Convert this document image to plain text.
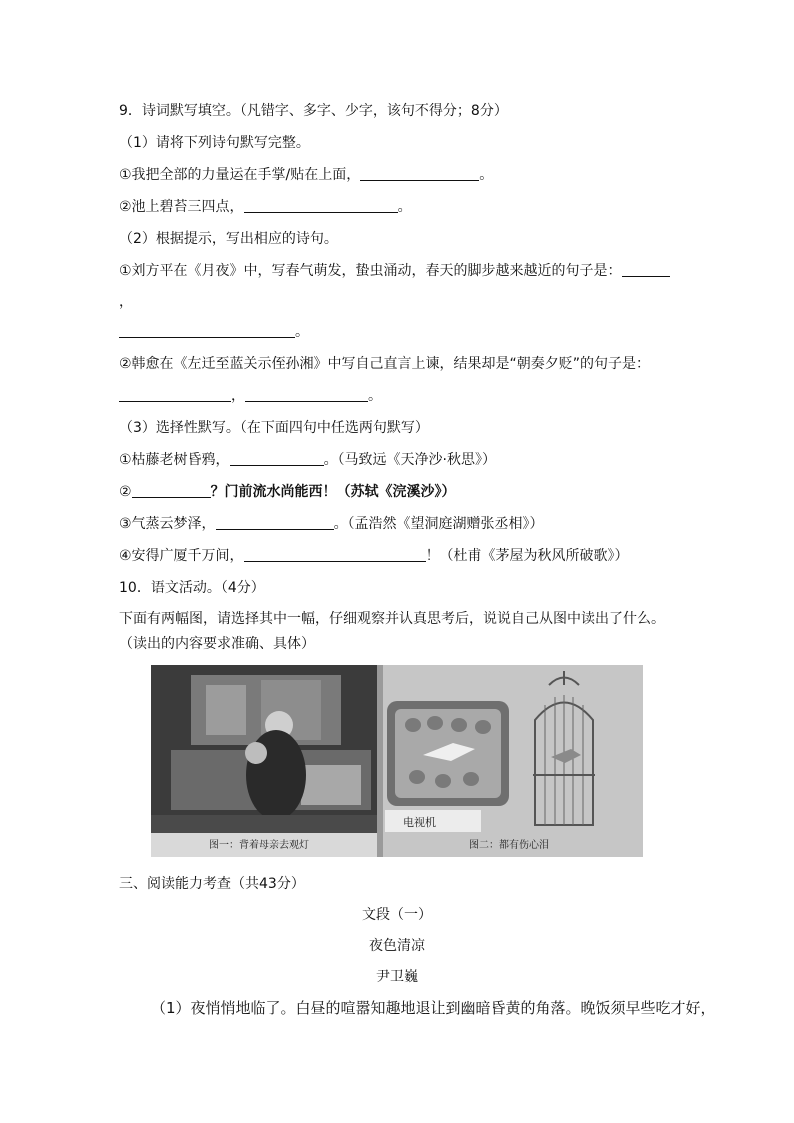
9．诗词默写填空。（凡错字、多字、少字，该句不得分；8分）
（1）请将下列诗句默写完整。
①我把全部的力量运在手掌/贴在上面，	。
②池上碧苔三四点，	。
（2）根据提示，写出相应的诗句。
①刘方平在《月夜》中，写春气萌发，蛰虫涌动，春天的脚步越来越近的句子是：
，
。
②韩愈在《左迁至蓝关示侄孙湘》中写自己直言上谏，结果却是“朝奏夕贬”的句子是：
，	。
（3）选择性默写。（在下面四句中任选两句默写）
①枯藤老树昏鸦，	。（马致远《天净沙·秋思》）
②	？门前流水尚能西！（苏轼《浣溪沙》）
③气蒸云梦泽，	。（孟浩然《望洞庭湖赠张丞相》）
④安得广厦千万间，	！（杜甫《茅屋为秋风所破歌》）
10．语文活动。（4分）
下面有两幅图，请选择其中一幅，仔细观察并认真思考后，说说自己从图中读出了什么。
（读出的内容要求准确、具体）
图一：背着母亲去观灯
电视机
图二：都有伤心泪
三、阅读能力考查（共43分）
文段（一）
夜色清凉
尹卫巍
（1）夜悄悄地临了。白昼的喧嚣知趣地退让到幽暗昏黄的角落。晚饭须早些吃才好，
